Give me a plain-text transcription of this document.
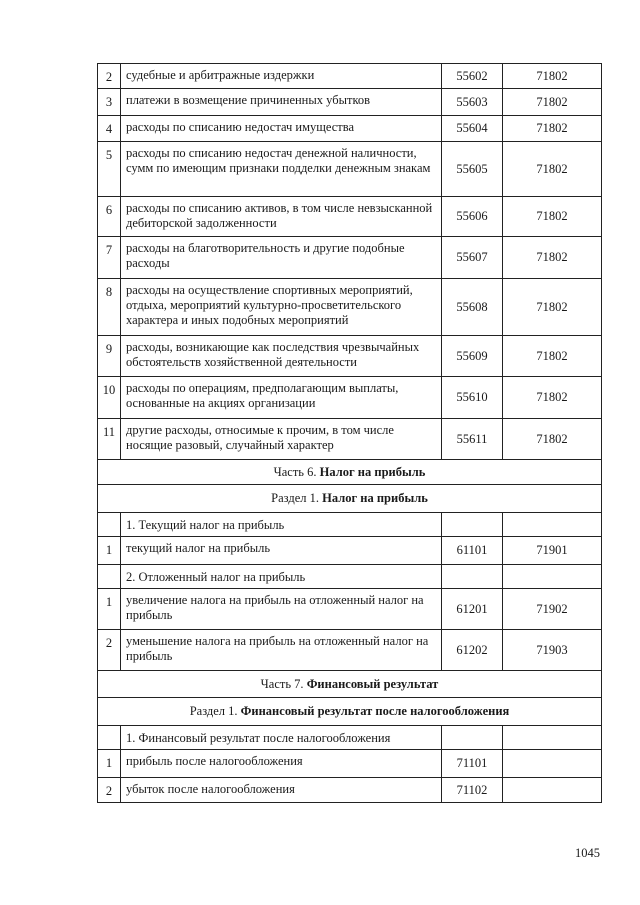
2	судебные и арбитражные издержки	55602	71802
3	платежи в возмещение причиненных убытков	55603	71802
4	расходы по списанию недостач имущества	55604	71802
5	расходы по списанию недостач денежной наличности, сумм по имеющим признаки подделки денежным знакам	55605	71802
6	расходы по списанию активов, в том числе невзысканной дебиторской задолженности	55606	71802
7	расходы на благотворительность и другие подобные расходы	55607	71802
8	расходы на осуществление спортивных мероприятий, отдыха, мероприятий культурно-просветительского характера и иных подобных мероприятий	55608	71802
9	расходы, возникающие как последствия чрезвычайных обстоятельств хозяйственной деятельности	55609	71802
10	расходы по операциям, предполагающим выплаты, основанные на акциях организации	55610	71802
11	другие расходы, относимые к прочим, в том числе носящие разовый, случайный характер	55611	71802
Часть 6. Налог на прибыль			
Раздел 1. Налог на прибыль			
	1. Текущий налог на прибыль		
1	текущий налог на прибыль	61101	71901
	2. Отложенный налог на прибыль		
1	увеличение налога на прибыль на отложенный налог на прибыль	61201	71902
2	уменьшение налога на прибыль на отложенный налог на прибыль	61202	71903
Часть 7. Финансовый результат			
Раздел 1. Финансовый результат после налогообложения			
	1. Финансовый результат после налогообложения		
1	прибыль после налогообложения	71101	
2	убыток после налогообложения	71102	
1045
